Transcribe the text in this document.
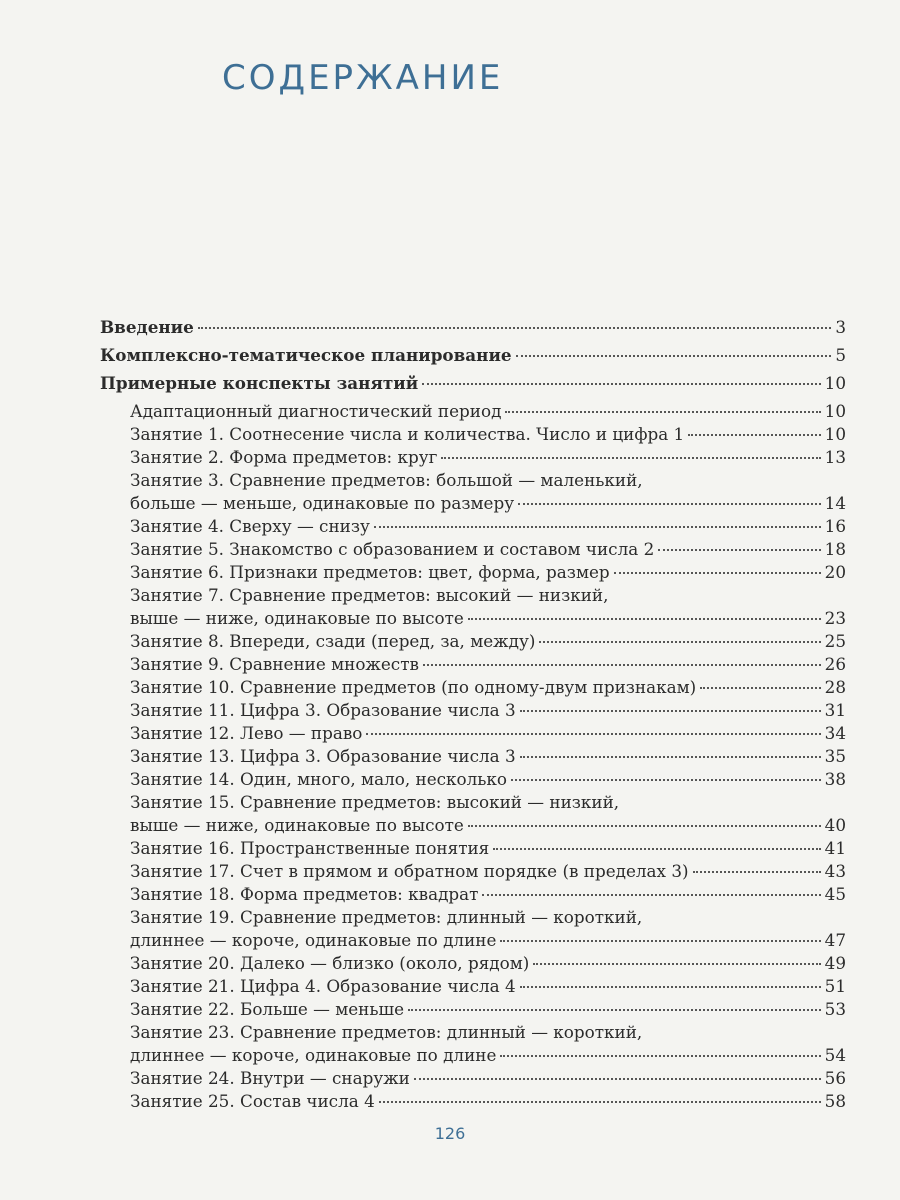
СОДЕРЖАНИЕ
Введение	3
Комплексно-тематическое планирование	5
Примерные конспекты занятий	10
Адаптационный диагностический период	10
Занятие 1. Соотнесение числа и количества. Число и цифра 1	10
Занятие 2. Форма предметов: круг	13
Занятие 3. Сравнение предметов: большой — маленький,
больше — меньше, одинаковые по размеру	14
Занятие 4. Сверху — снизу	16
Занятие 5. Знакомство с образованием и составом числа 2	18
Занятие 6. Признаки предметов: цвет, форма, размер	20
Занятие 7. Сравнение предметов: высокий — низкий,
выше — ниже, одинаковые по высоте	23
Занятие 8. Впереди, сзади (перед, за, между)	25
Занятие 9. Сравнение множеств	26
Занятие 10. Сравнение предметов (по одному-двум признакам)	28
Занятие 11. Цифра 3. Образование числа 3	31
Занятие 12. Лево — право	34
Занятие 13. Цифра 3. Образование числа 3	35
Занятие 14. Один, много, мало, несколько	38
Занятие 15. Сравнение предметов: высокий — низкий,
выше — ниже, одинаковые по высоте	40
Занятие 16. Пространственные понятия	41
Занятие 17. Счет в прямом и обратном порядке (в пределах 3)	43
Занятие 18. Форма предметов: квадрат	45
Занятие 19. Сравнение предметов: длинный — короткий,
длиннее — короче, одинаковые по длине	47
Занятие 20. Далеко — близко (около, рядом)	49
Занятие 21. Цифра 4. Образование числа 4	51
Занятие 22. Больше — меньше	53
Занятие 23. Сравнение предметов: длинный — короткий,
длиннее — короче, одинаковые по длине	54
Занятие 24. Внутри — снаружи	56
Занятие 25. Состав числа 4	58
126
